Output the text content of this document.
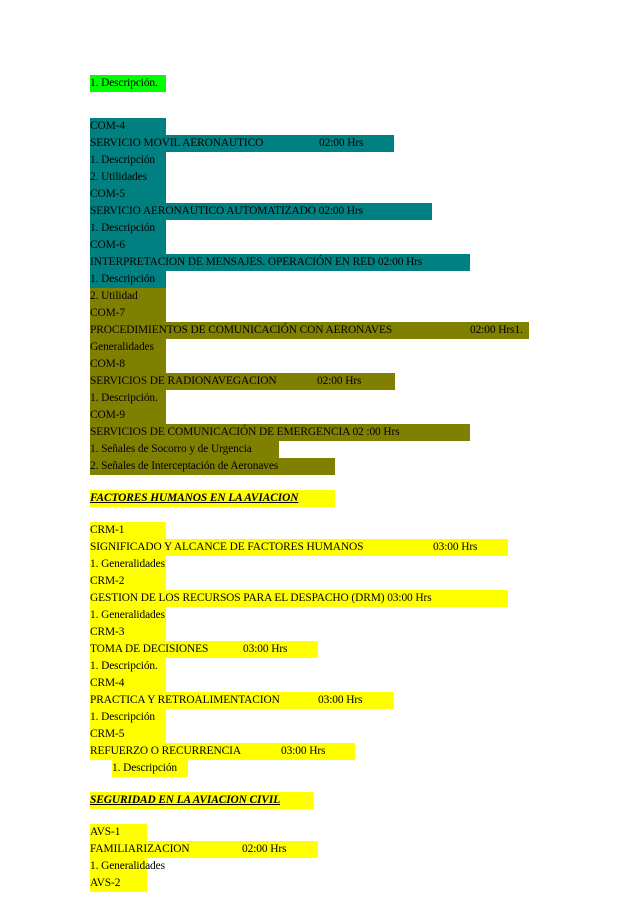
1. Descripción.
COM-4
SERVICIO MOVIL AERONAUTICO	02:00 Hrs
1. Descripción
2. Utilidades
COM-5
SERVICIO AERONAUTICO AUTOMATIZADO 02:00 Hrs
1. Descripción
COM-6
INTERPRETACION DE MENSAJES. OPERACIÓN EN RED 02:00 Hrs
1. Descripción
2. Utilidad
COM-7
PROCEDIMIENTOS DE COMUNICACIÓN CON AERONAVES	02:00 Hrs1.
Generalidades
COM-8
SERVICIOS DE RADIONAVEGACION	02:00 Hrs
1. Descripción.
COM-9
SERVICIOS DE COMUNICACIÓN DE EMERGENCIA 02 :00 Hrs
1. Señales de Socorro y de Urgencia
2. Señales de Interceptación de Aeronaves
FACTORES HUMANOS EN LA AVIACION
CRM-1
SIGNIFICADO Y ALCANCE DE FACTORES HUMANOS	03:00 Hrs
1. Generalidades
CRM-2
GESTION DE LOS RECURSOS PARA EL DESPACHO (DRM) 03:00 Hrs
1. Generalidades
CRM-3
TOMA DE DECISIONES	03:00 Hrs
1. Descripción.
CRM-4
PRACTICA Y RETROALIMENTACION	03:00 Hrs
1. Descripción
CRM-5
REFUERZO O RECURRENCIA	03:00 Hrs
1. Descripción
SEGURIDAD EN LA AVIACION CIVIL
AVS-1
FAMILIARIZACION	02:00 Hrs
1. Generalidades
AVS-2
